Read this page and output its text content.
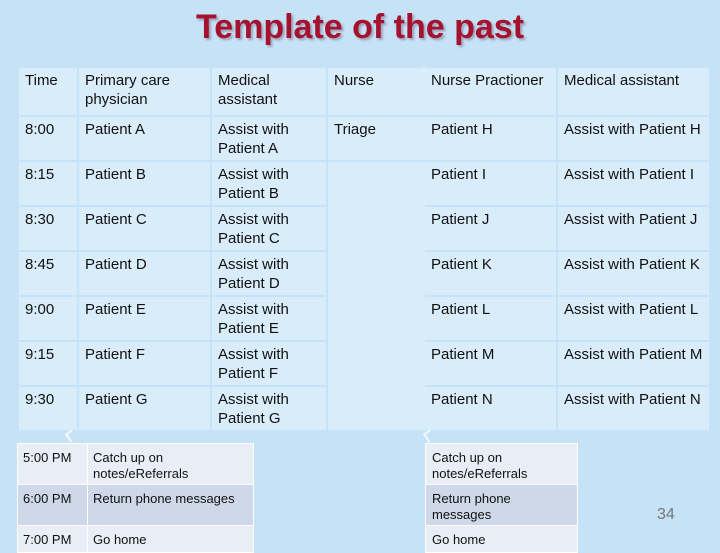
Template of the past
Time	Primary care physician	Medical assistant	Nurse	Nurse Practioner	Medical assistant
8:00	Patient A	Assist with Patient A	Triage	Patient H	Assist with Patient H
8:15	Patient B	Assist with Patient B		Patient I	Assist with Patient I
8:30	Patient C	Assist with Patient C		Patient J	Assist with Patient J
8:45	Patient D	Assist with Patient D		Patient K	Assist with Patient K
9:00	Patient E	Assist with Patient E		Patient L	Assist with Patient L
9:15	Patient F	Assist with Patient F		Patient M	Assist with Patient M
9:30	Patient G	Assist with Patient G		Patient N	Assist with Patient N
5:00 PM	Catch up on notes/eReferrals
6:00 PM	Return phone messages
7:00 PM	Go home
Catch up on notes/eReferrals
Return phone messages
Go home
34
